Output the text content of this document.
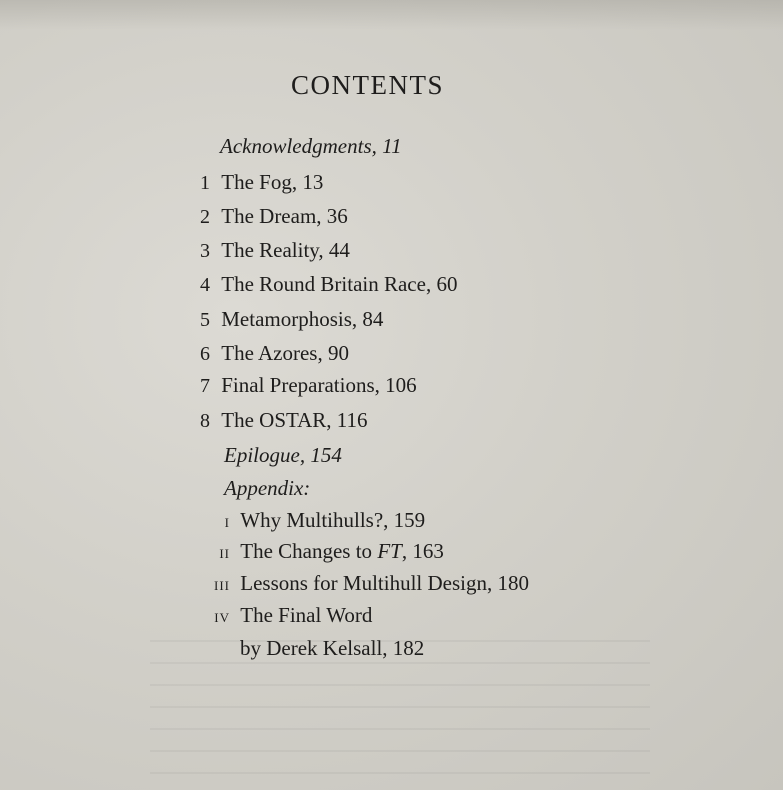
CONTENTS
Acknowledgments, 11
1 The Fog, 13
2 The Dream, 36
3 The Reality, 44
4 The Round Britain Race, 60
5 Metamorphosis, 84
6 The Azores, 90
7 Final Preparations, 106
8 The OSTAR, 116
Epilogue, 154
Appendix:
i Why Multihulls?, 159
ii The Changes to FT, 163
iii Lessons for Multihull Design, 180
iv The Final Word
by Derek Kelsall, 182
